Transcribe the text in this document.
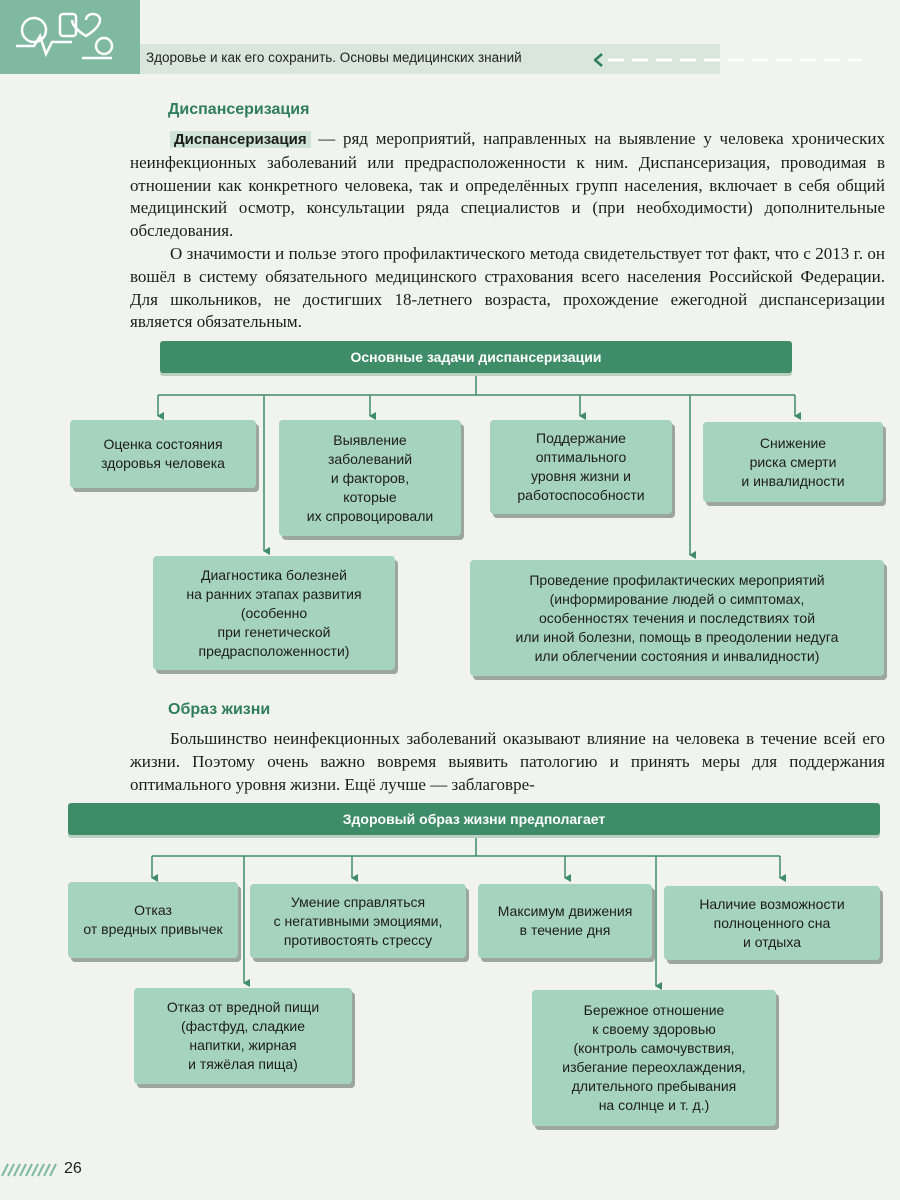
Здоровье и как его сохранить. Основы медицинских знаний
Диспансеризация

Диспансеризация — ряд мероприятий, направленных на выявление у человека хронических неинфекционных заболеваний или предрасположенности к ним. Диспансеризация, проводимая в отношении как конкретного человека, так и определённых групп населения, включает в себя общий медицинский осмотр, консультации ряда специалистов и (при необходимости) дополнительные обследования.

О значимости и пользе этого профилактического метода свидетельствует тот факт, что с 2013 г. он вошёл в систему обязательного медицинского страхования всего населения Российской Федерации. Для школьников, не достигших 18-летнего возраста, прохождение ежегодной диспансеризации является обязательным.

Основные задачи диспансеризации
Оценка состояния
здоровья человека
Выявление
заболеваний
и факторов,
которые
их спровоцировали
Поддержание
оптимального
уровня жизни и
работоспособности
Снижение
риска смерти
и инвалидности
Диагностика болезней
на ранних этапах развития
(особенно
при генетической
предрасположенности)
Проведение профилактических мероприятий
(информирование людей о симптомах,
особенностях течения и последствиях той
или иной болезни, помощь в преодолении недуга
или облегчении состояния и инвалидности)
Образ жизни

Большинство неинфекционных заболеваний оказывают влияние на человека в течение всей его жизни. Поэтому очень важно вовремя выявить патологию и принять меры для поддержания оптимального уровня жизни. Ещё лучше — заблаговре-

Здоровый образ жизни предполагает
Отказ
от вредных привычек
Умение справляться
с негативными эмоциями,
противостоять стрессу
Максимум движения
в течение дня
Наличие возможности
полноценного сна
и отдыха
Отказ от вредной пищи
(фастфуд, сладкие
напитки, жирная
и тяжёлая пища)
Бережное отношение
к своему здоровью
(контроль самочувствия,
избегание переохлаждения,
длительного пребывания
на солнце и т. д.)
26
